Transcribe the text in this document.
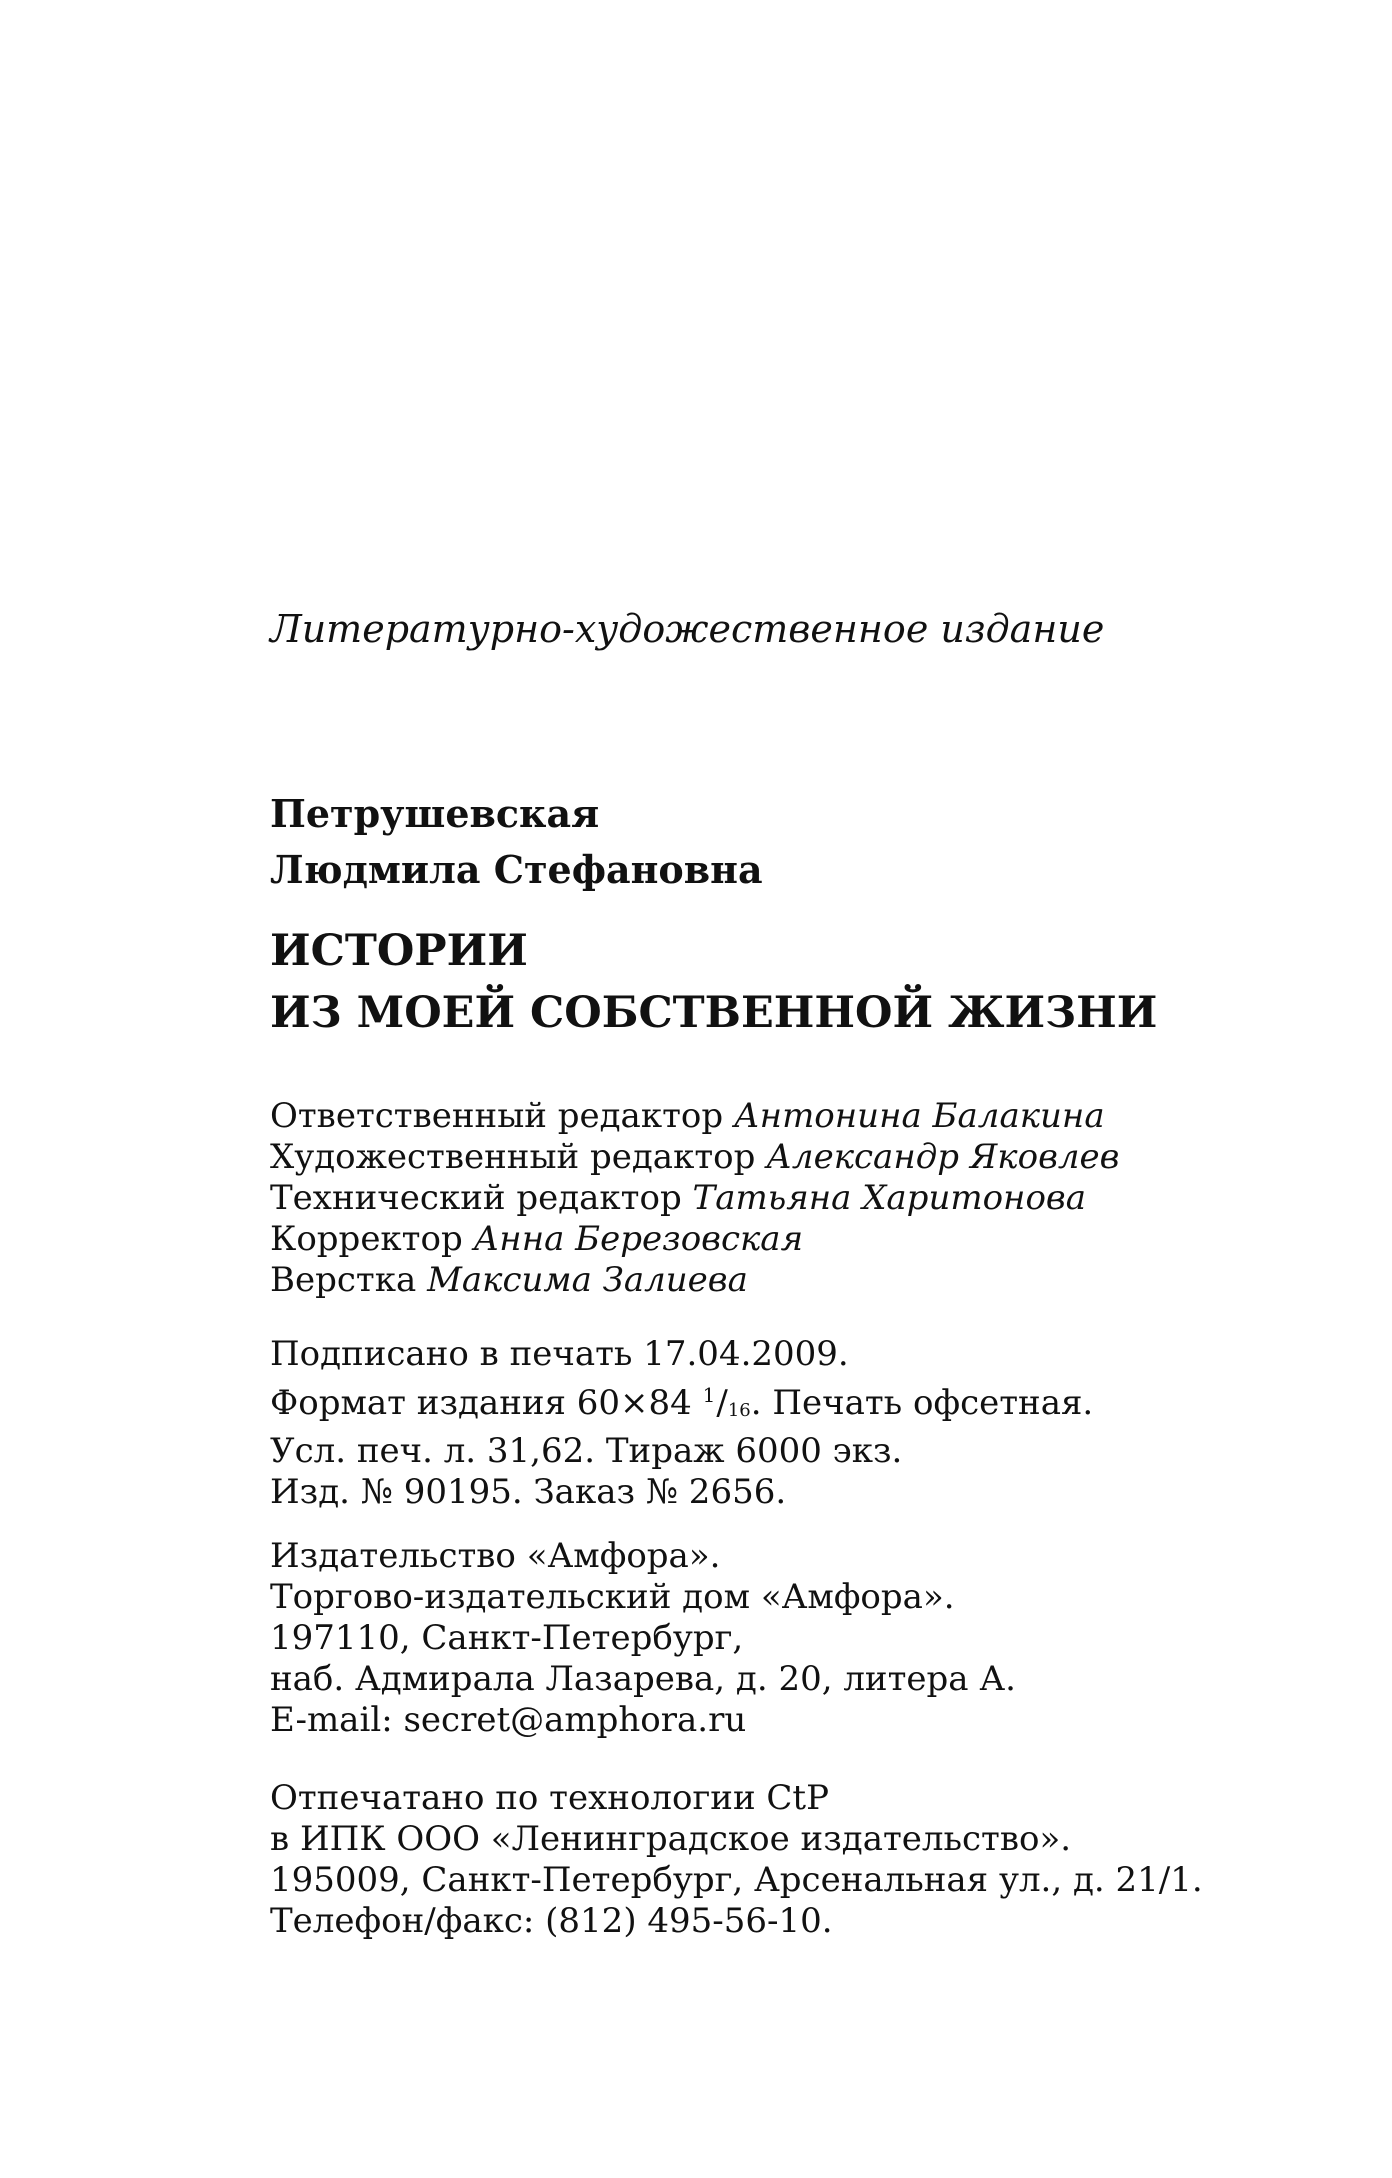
Литературно-художественное издание
Петрушевская
Людмила Стефановна
ИСТОРИИ
ИЗ МОЕЙ СОБСТВЕННОЙ ЖИЗНИ
Ответственный редактор Антонина Балакина
Художественный редактор Александр Яковлев
Технический редактор Татьяна Харитонова
Корректор Анна Березовская
Верстка Максима Залиева
Подписано в печать 17.04.2009.
Формат издания 60×84 $^1$/16. Печать офсетная.
Усл. печ. л. 31,62. Тираж 6000 экз.
Изд. № 90195. Заказ № 2656.
Издательство «Амфора».
Торгово-издательский дом «Амфора».
197110, Санкт-Петербург,
наб. Адмирала Лазарева, д. 20, литера А.
E-mail: secret@amphora.ru
Отпечатано по технологии CtP
в ИПК ООО «Ленинградское издательство».
195009, Санкт-Петербург, Арсенальная ул., д. 21/1.
Телефон/факс: (812) 495-56-10.
